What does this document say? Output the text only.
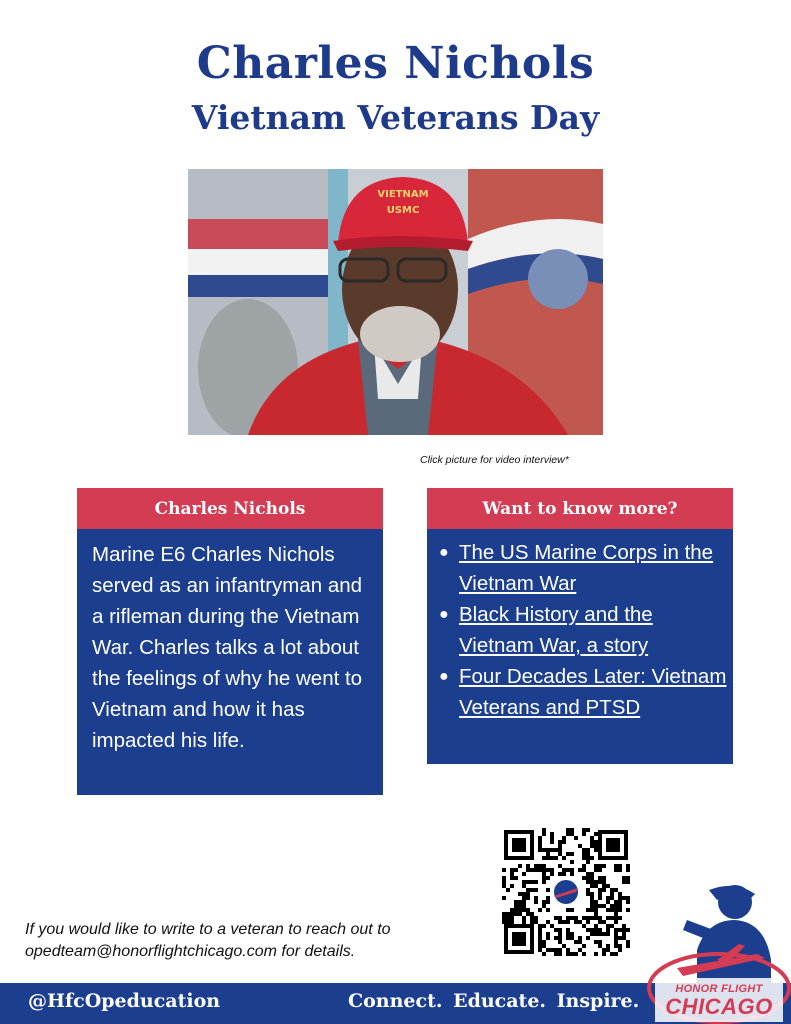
Charles Nichols
Vietnam Veterans Day
VIETNAM
USMC
Click picture for video interview*
Charles Nichols
Marine E6 Charles Nichols served as an infantryman and a rifleman during the Vietnam War. Charles talks a lot about the feelings of why he went to Vietnam and how it has impacted his life.
Want to know more?
● The US Marine Corps in the Vietnam War
● Black History and the Vietnam War, a story
● Four Decades Later: Vietnam Veterans and PTSD
If you would like to write to a veteran to reach out to
opedteam@honorflightchicago.com for details.
@HfcOpeducation	Connect. Educate. Inspire.
HONOR FLIGHT
CHICAGO
